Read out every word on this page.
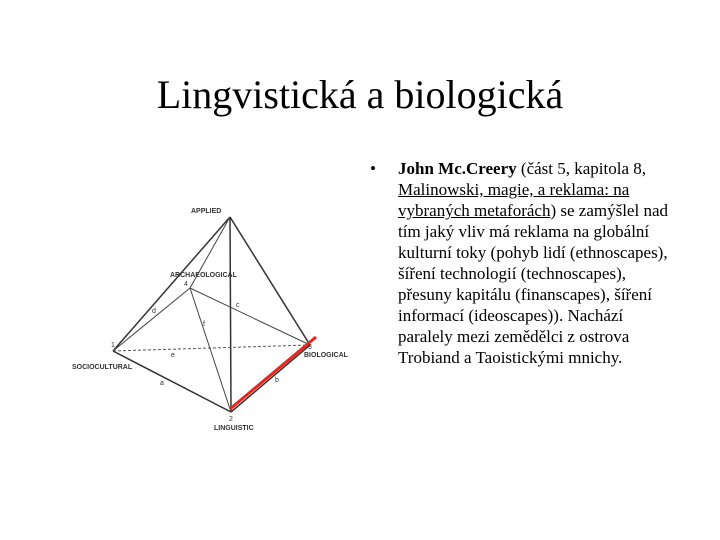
Lingvistická a biologická
APPLIED
ARCHAEOLOGICAL
4
1
SOCIOCULTURAL
3
BIOLOGICAL
2
LINGUISTIC
d
c
f
e
a	b
• John Mc.Creery (část 5, kapitola 8, Malinowski, magie, a reklama: na vybraných metaforách) se zamýšlel nad tím jaký vliv má reklama na globální kulturní toky (pohyb lidí (ethnoscapes), šíření technologií (technoscapes), přesuny kapitálu (finanscapes), šíření informací (ideoscapes)). Nachází paralely mezi zemědělci z ostrova Trobiand a Taoistickými mnichy.
